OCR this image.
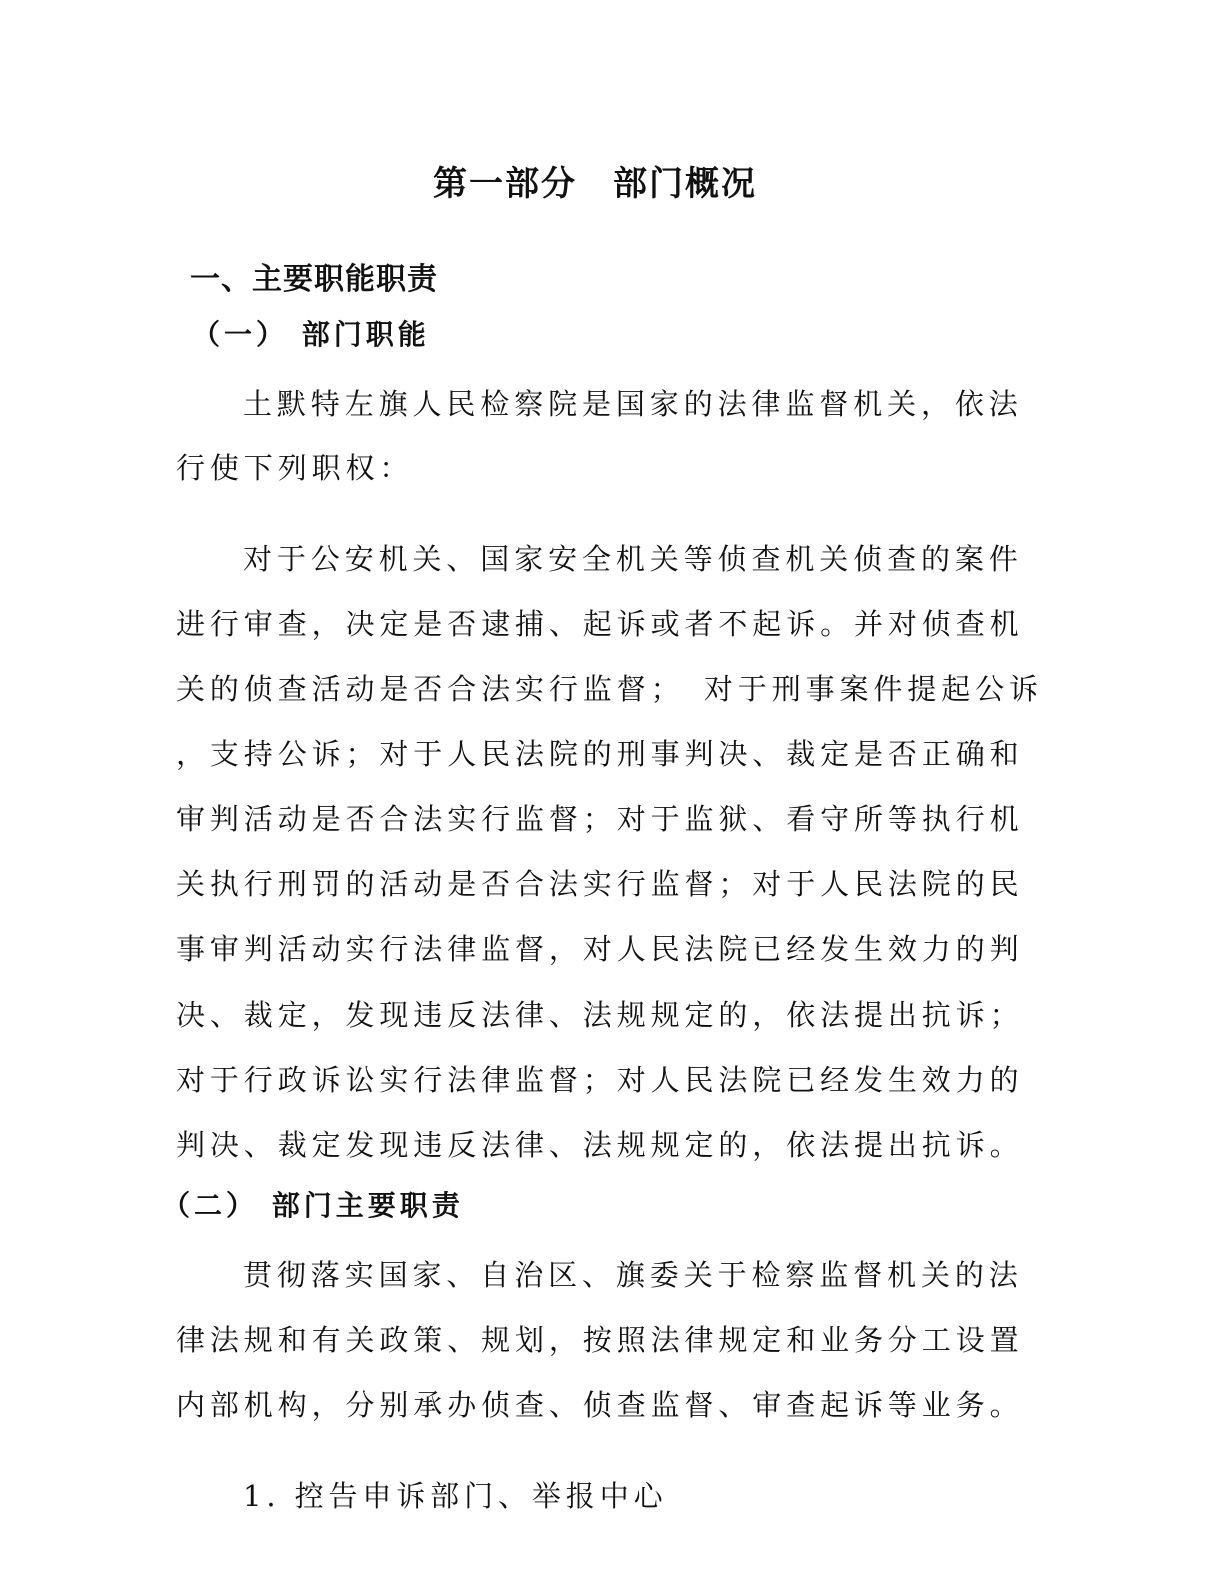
第一部分　部门概况
一、主要职能职责
（一） 部门职能
土默特左旗人民检察院是国家的法律监督机关，依法
行使下列职权：
对于公安机关、国家安全机关等侦查机关侦查的案件
进行审查，决定是否逮捕、起诉或者不起诉。并对侦查机
关的侦查活动是否合法实行监督；　对于刑事案件提起公诉
，支持公诉；对于人民法院的刑事判决、裁定是否正确和
审判活动是否合法实行监督；对于监狱、看守所等执行机
关执行刑罚的活动是否合法实行监督；对于人民法院的民
事审判活动实行法律监督，对人民法院已经发生效力的判
决、裁定，发现违反法律、法规规定的，依法提出抗诉；
对于行政诉讼实行法律监督；对人民法院已经发生效力的
判决、裁定发现违反法律、法规规定的，依法提出抗诉。
（二） 部门主要职责
贯彻落实国家、自治区、旗委关于检察监督机关的法
律法规和有关政策、规划，按照法律规定和业务分工设置
内部机构，分别承办侦查、侦查监督、审查起诉等业务。
1. 控告申诉部门、举报中心
